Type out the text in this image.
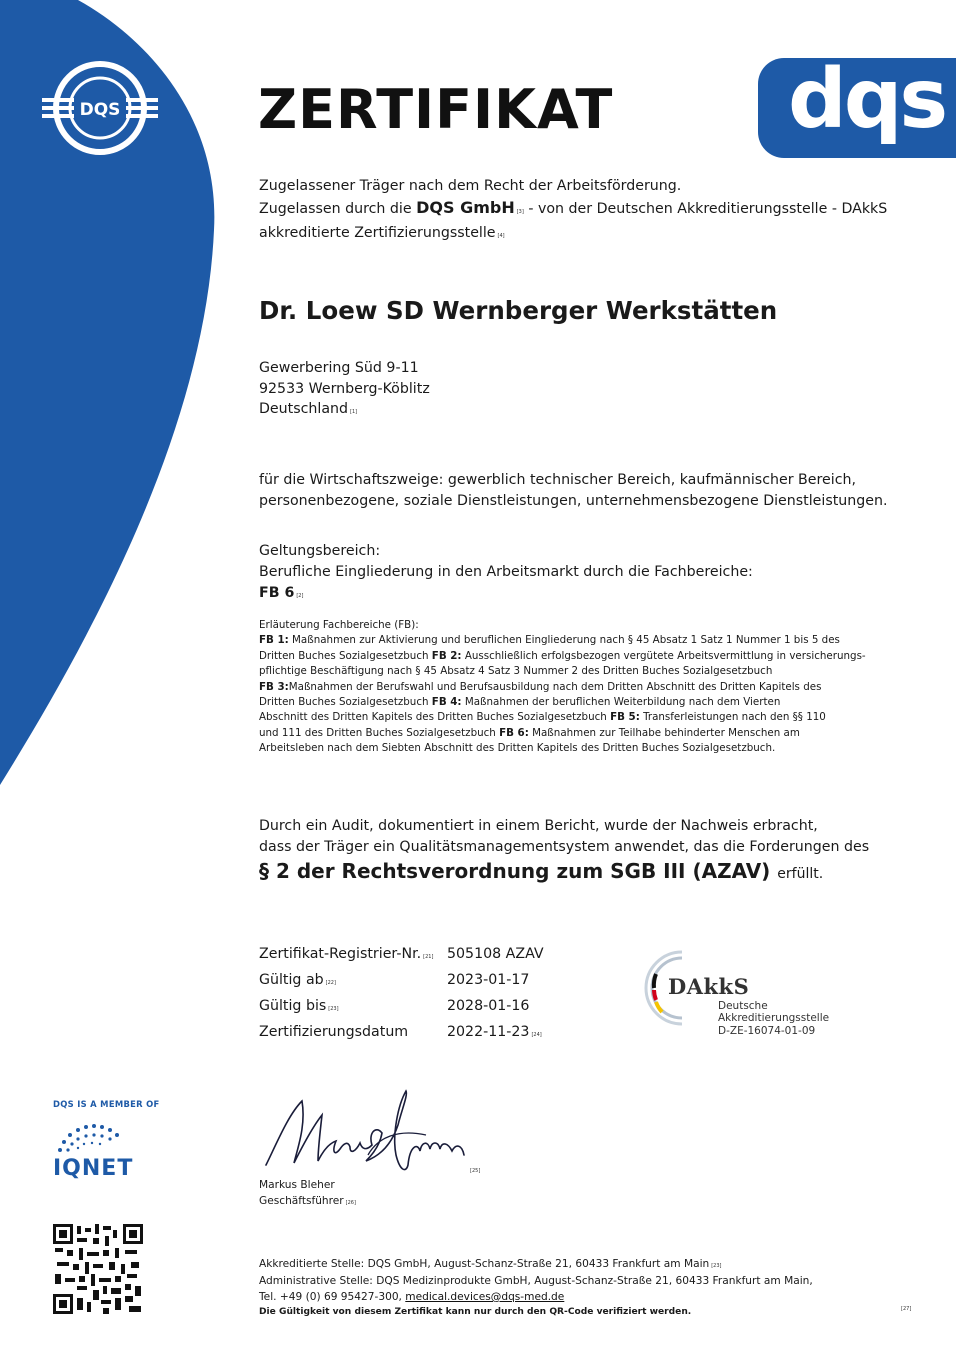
DQS	ZERTIFIKAT dqs
Zugelassener Träger nach dem Recht der Arbeitsförderung.
Zugelassen durch die DQS GmbH [3] - von der Deutschen Akkreditierungsstelle - DAkkS
akkreditierte Zertifizierungsstelle [4]
Dr. Loew SD Wernberger Werkstätten
Gewerbering Süd 9-11
92533 Wernberg-Köblitz
Deutschland [1]
für die Wirtschaftszweige: gewerblich technischer Bereich, kaufmännischer Bereich,
personenbezogene, soziale Dienstleistungen, unternehmensbezogene Dienstleistungen.
Geltungsbereich:
Berufliche Eingliederung in den Arbeitsmarkt durch die Fachbereiche:
FB 6 [2]
Erläuterung Fachbereiche (FB):
FB 1: Maßnahmen zur Aktivierung und beruflichen Eingliederung nach § 45 Absatz 1 Satz 1 Nummer 1 bis 5 des
Dritten Buches Sozialgesetzbuch FB 2: Ausschließlich erfolgsbezogen vergütete Arbeitsvermittlung in versicherungs-
pflichtige Beschäftigung nach § 45 Absatz 4 Satz 3 Nummer 2 des Dritten Buches Sozialgesetzbuch
FB 3:Maßnahmen der Berufswahl und Berufsausbildung nach dem Dritten Abschnitt des Dritten Kapitels des
Dritten Buches Sozialgesetzbuch FB 4: Maßnahmen der beruflichen Weiterbildung nach dem Vierten
Abschnitt des Dritten Kapitels des Dritten Buches Sozialgesetzbuch FB 5: Transferleistungen nach den §§ 110
und 111 des Dritten Buches Sozialgesetzbuch FB 6: Maßnahmen zur Teilhabe behinderter Menschen am
Arbeitsleben nach dem Siebten Abschnitt des Dritten Kapitels des Dritten Buches Sozialgesetzbuch.
Durch ein Audit, dokumentiert in einem Bericht, wurde der Nachweis erbracht,
dass der Träger ein Qualitätsmanagementsystem anwendet, das die Forderungen des
§ 2 der Rechtsverordnung zum SGB III (AZAV) erfüllt.
Zertifikat-Registrier-Nr. [21] 505108 AZAV
Gültig ab [22]	2023-01-17
Gültig bis [23]	2028-01-16
Zertifizierungsdatum	2022-11-23 [24]
DAkkS
Deutsche
Akkreditierungsstelle
D-ZE-16074-01-09
DQS IS A MEMBER OF
IQNET	[25]
Markus Bleher
Geschäftsführer [26]
Akkreditierte Stelle: DQS GmbH, August-Schanz-Straße 21, 60433 Frankfurt am Main [23]
Administrative Stelle: DQS Medizinprodukte GmbH, August-Schanz-Straße 21, 60433 Frankfurt am Main,
Tel. +49 (0) 69 95427-300, medical.devices@dqs-med.de
Die Gültigkeit von diesem Zertifikat kann nur durch den QR-Code verifiziert werden.	[27]
